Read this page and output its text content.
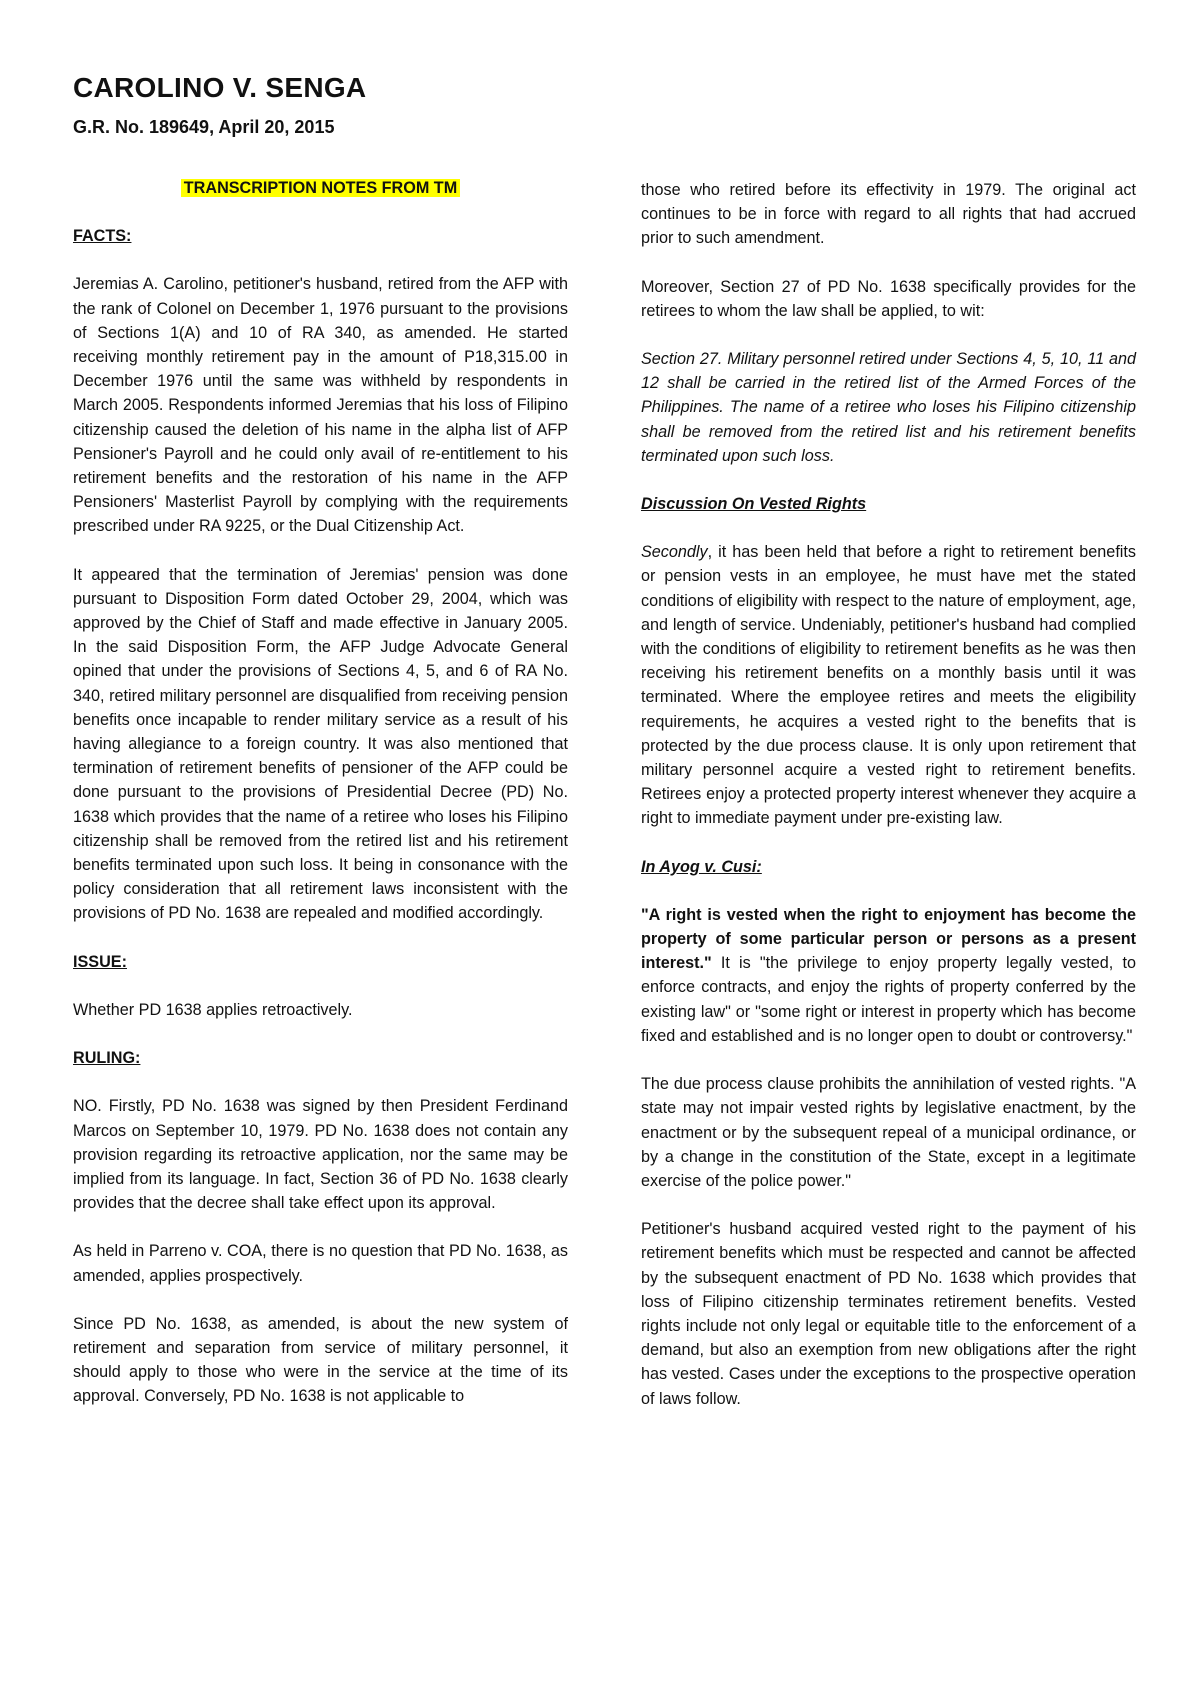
CAROLINO V. SENGA
G.R. No. 189649, April 20, 2015
TRANSCRIPTION NOTES FROM TM

FACTS:

Jeremias A. Carolino, petitioner's husband, retired from the AFP with the rank of Colonel on December 1, 1976 pursuant to the provisions of Sections 1(A) and 10 of RA 340, as amended. He started receiving monthly retirement pay in the amount of P18,315.00 in December 1976 until the same was withheld by respondents in March 2005. Respondents informed Jeremias that his loss of Filipino citizenship caused the deletion of his name in the alpha list of AFP Pensioner's Payroll and he could only avail of re-entitlement to his retirement benefits and the restoration of his name in the AFP Pensioners' Masterlist Payroll by complying with the requirements prescribed under RA 9225, or the Dual Citizenship Act.

It appeared that the termination of Jeremias' pension was done pursuant to Disposition Form dated October 29, 2004, which was approved by the Chief of Staff and made effective in January 2005. In the said Disposition Form, the AFP Judge Advocate General opined that under the provisions of Sections 4, 5, and 6 of RA No. 340, retired military personnel are disqualified from receiving pension benefits once incapable to render military service as a result of his having allegiance to a foreign country. It was also mentioned that termination of retirement benefits of pensioner of the AFP could be done pursuant to the provisions of Presidential Decree (PD) No. 1638 which provides that the name of a retiree who loses his Filipino citizenship shall be removed from the retired list and his retirement benefits terminated upon such loss. It being in consonance with the policy consideration that all retirement laws inconsistent with the provisions of PD No. 1638 are repealed and modified accordingly.

ISSUE:

Whether PD 1638 applies retroactively.

RULING:

NO. Firstly, PD No. 1638 was signed by then President Ferdinand Marcos on September 10, 1979. PD No. 1638 does not contain any provision regarding its retroactive application, nor the same may be implied from its language. In fact, Section 36 of PD No. 1638 clearly provides that the decree shall take effect upon its approval.

As held in Parreno v. COA, there is no question that PD No. 1638, as amended, applies prospectively.

Since PD No. 1638, as amended, is about the new system of retirement and separation from service of military personnel, it should apply to those who were in the service at the time of its approval. Conversely, PD No. 1638 is not applicable to

those who retired before its effectivity in 1979. The original act continues to be in force with regard to all rights that had accrued prior to such amendment.

Moreover, Section 27 of PD No. 1638 specifically provides for the retirees to whom the law shall be applied, to wit:

Section 27. Military personnel retired under Sections 4, 5, 10, 11 and 12 shall be carried in the retired list of the Armed Forces of the Philippines. The name of a retiree who loses his Filipino citizenship shall be removed from the retired list and his retirement benefits terminated upon such loss.

Discussion On Vested Rights

Secondly, it has been held that before a right to retirement benefits or pension vests in an employee, he must have met the stated conditions of eligibility with respect to the nature of employment, age, and length of service. Undeniably, petitioner's husband had complied with the conditions of eligibility to retirement benefits as he was then receiving his retirement benefits on a monthly basis until it was terminated. Where the employee retires and meets the eligibility requirements, he acquires a vested right to the benefits that is protected by the due process clause. It is only upon retirement that military personnel acquire a vested right to retirement benefits. Retirees enjoy a protected property interest whenever they acquire a right to immediate payment under pre-existing law.

In Ayog v. Cusi:

"A right is vested when the right to enjoyment has become the property of some particular person or persons as a present interest." It is "the privilege to enjoy property legally vested, to enforce contracts, and enjoy the rights of property conferred by the existing law" or "some right or interest in property which has become fixed and established and is no longer open to doubt or controversy."

The due process clause prohibits the annihilation of vested rights. "A state may not impair vested rights by legislative enactment, by the enactment or by the subsequent repeal of a municipal ordinance, or by a change in the constitution of the State, except in a legitimate exercise of the police power."

Petitioner's husband acquired vested right to the payment of his retirement benefits which must be respected and cannot be affected by the subsequent enactment of PD No. 1638 which provides that loss of Filipino citizenship terminates retirement benefits. Vested rights include not only legal or equitable title to the enforcement of a demand, but also an exemption from new obligations after the right has vested. Cases under the exceptions to the prospective operation of laws follow.
